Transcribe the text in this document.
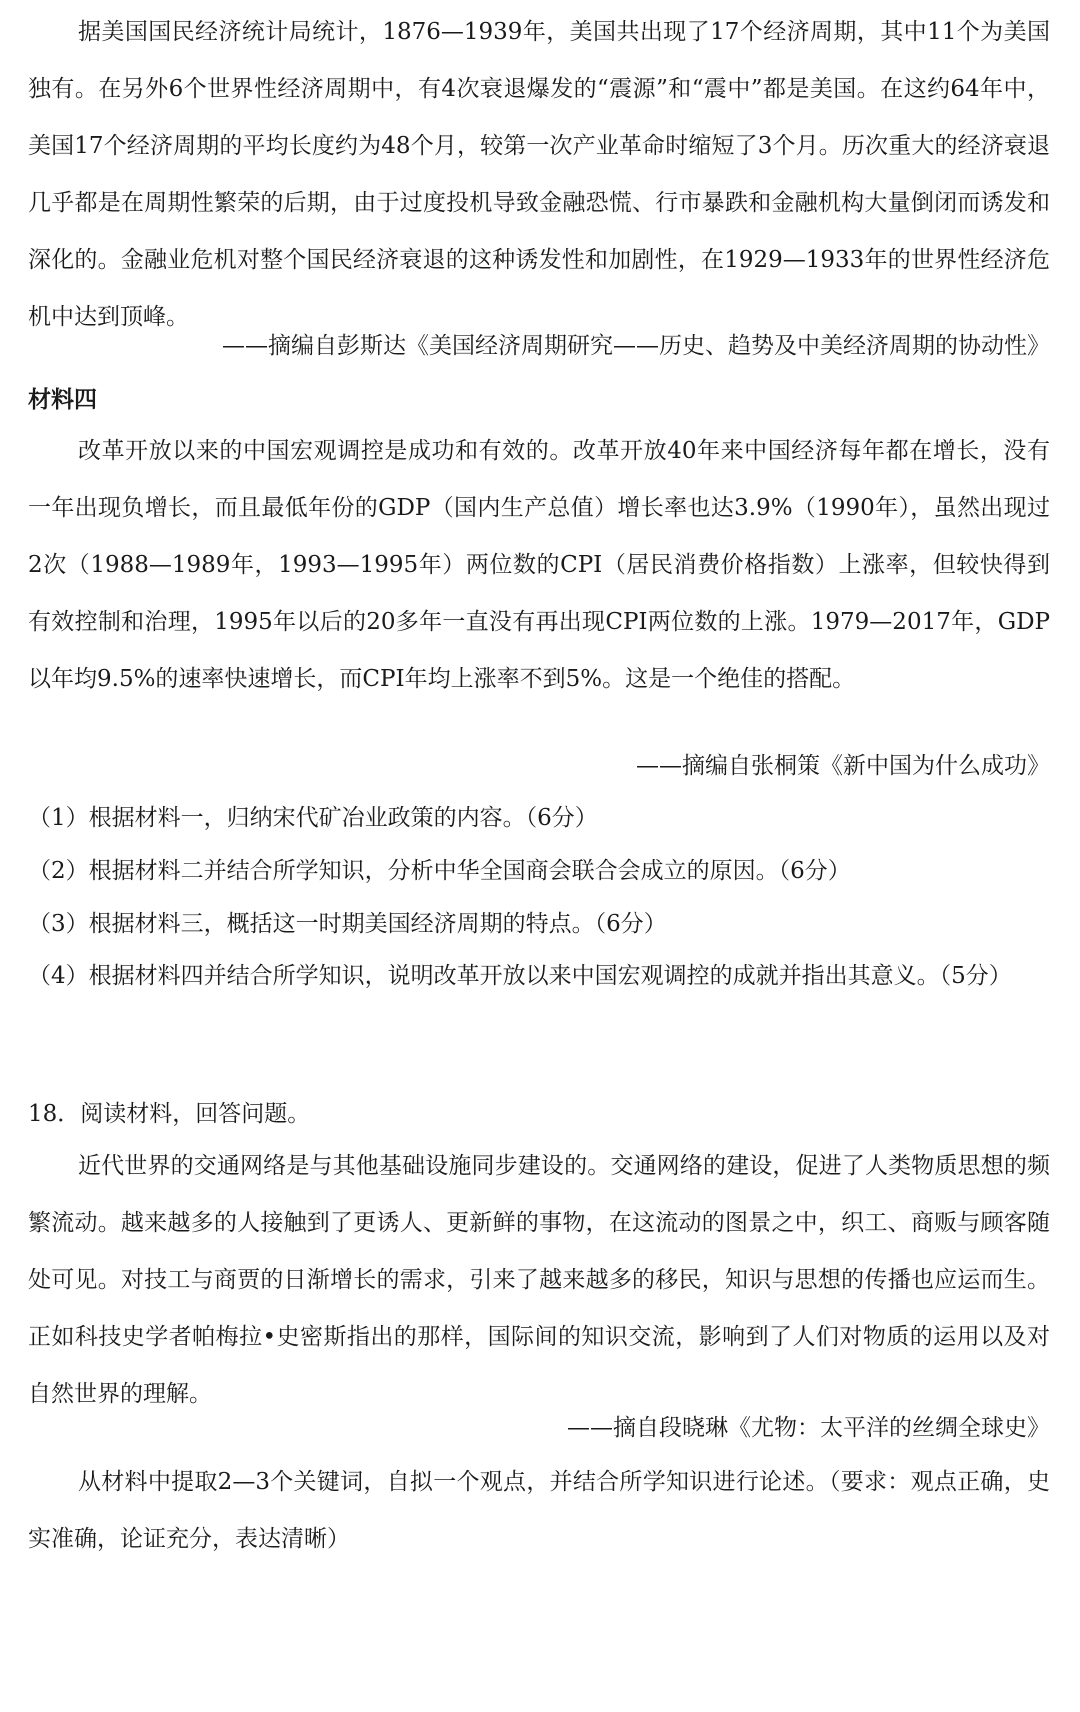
据美国国民经济统计局统计，1876—1939年，美国共出现了17个经济周期，其中11个为美国独有。在另外6个世界性经济周期中，有4次衰退爆发的“震源”和“震中”都是美国。在这约64年中，美国17个经济周期的平均长度约为48个月，较第一次产业革命时缩短了3个月。历次重大的经济衰退几乎都是在周期性繁荣的后期，由于过度投机导致金融恐慌、行市暴跌和金融机构大量倒闭而诱发和深化的。金融业危机对整个国民经济衰退的这种诱发性和加剧性，在1929—1933年的世界性经济危机中达到顶峰。
——摘编自彭斯达《美国经济周期研究——历史、趋势及中美经济周期的协动性》
材料四
改革开放以来的中国宏观调控是成功和有效的。改革开放40年来中国经济每年都在增长，没有一年出现负增长，而且最低年份的GDP（国内生产总值）增长率也达3.9%（1990年），虽然出现过2次（1988—1989年，1993—1995年）两位数的CPI（居民消费价格指数）上涨率，但较快得到有效控制和治理，1995年以后的20多年一直没有再出现CPI两位数的上涨。1979—2017年，GDP以年均9.5%的速率快速增长，而CPI年均上涨率不到5%。这是一个绝佳的搭配。
——摘编自张桐策《新中国为什么成功》
（1）根据材料一，归纳宋代矿冶业政策的内容。（6分）
（2）根据材料二并结合所学知识，分析中华全国商会联合会成立的原因。（6分）
（3）根据材料三，概括这一时期美国经济周期的特点。（6分）
（4）根据材料四并结合所学知识，说明改革开放以来中国宏观调控的成就并指出其意义。（5分）
18．阅读材料，回答问题。
近代世界的交通网络是与其他基础设施同步建设的。交通网络的建设，促进了人类物质思想的频繁流动。越来越多的人接触到了更诱人、更新鲜的事物，在这流动的图景之中，织工、商贩与顾客随处可见。对技工与商贾的日渐增长的需求，引来了越来越多的移民，知识与思想的传播也应运而生。正如科技史学者帕梅拉•史密斯指出的那样，国际间的知识交流，影响到了人们对物质的运用以及对自然世界的理解。
——摘自段晓琳《尤物：太平洋的丝绸全球史》
从材料中提取2—3个关键词，自拟一个观点，并结合所学知识进行论述。（要求：观点正确，史实准确，论证充分，表达清晰）
